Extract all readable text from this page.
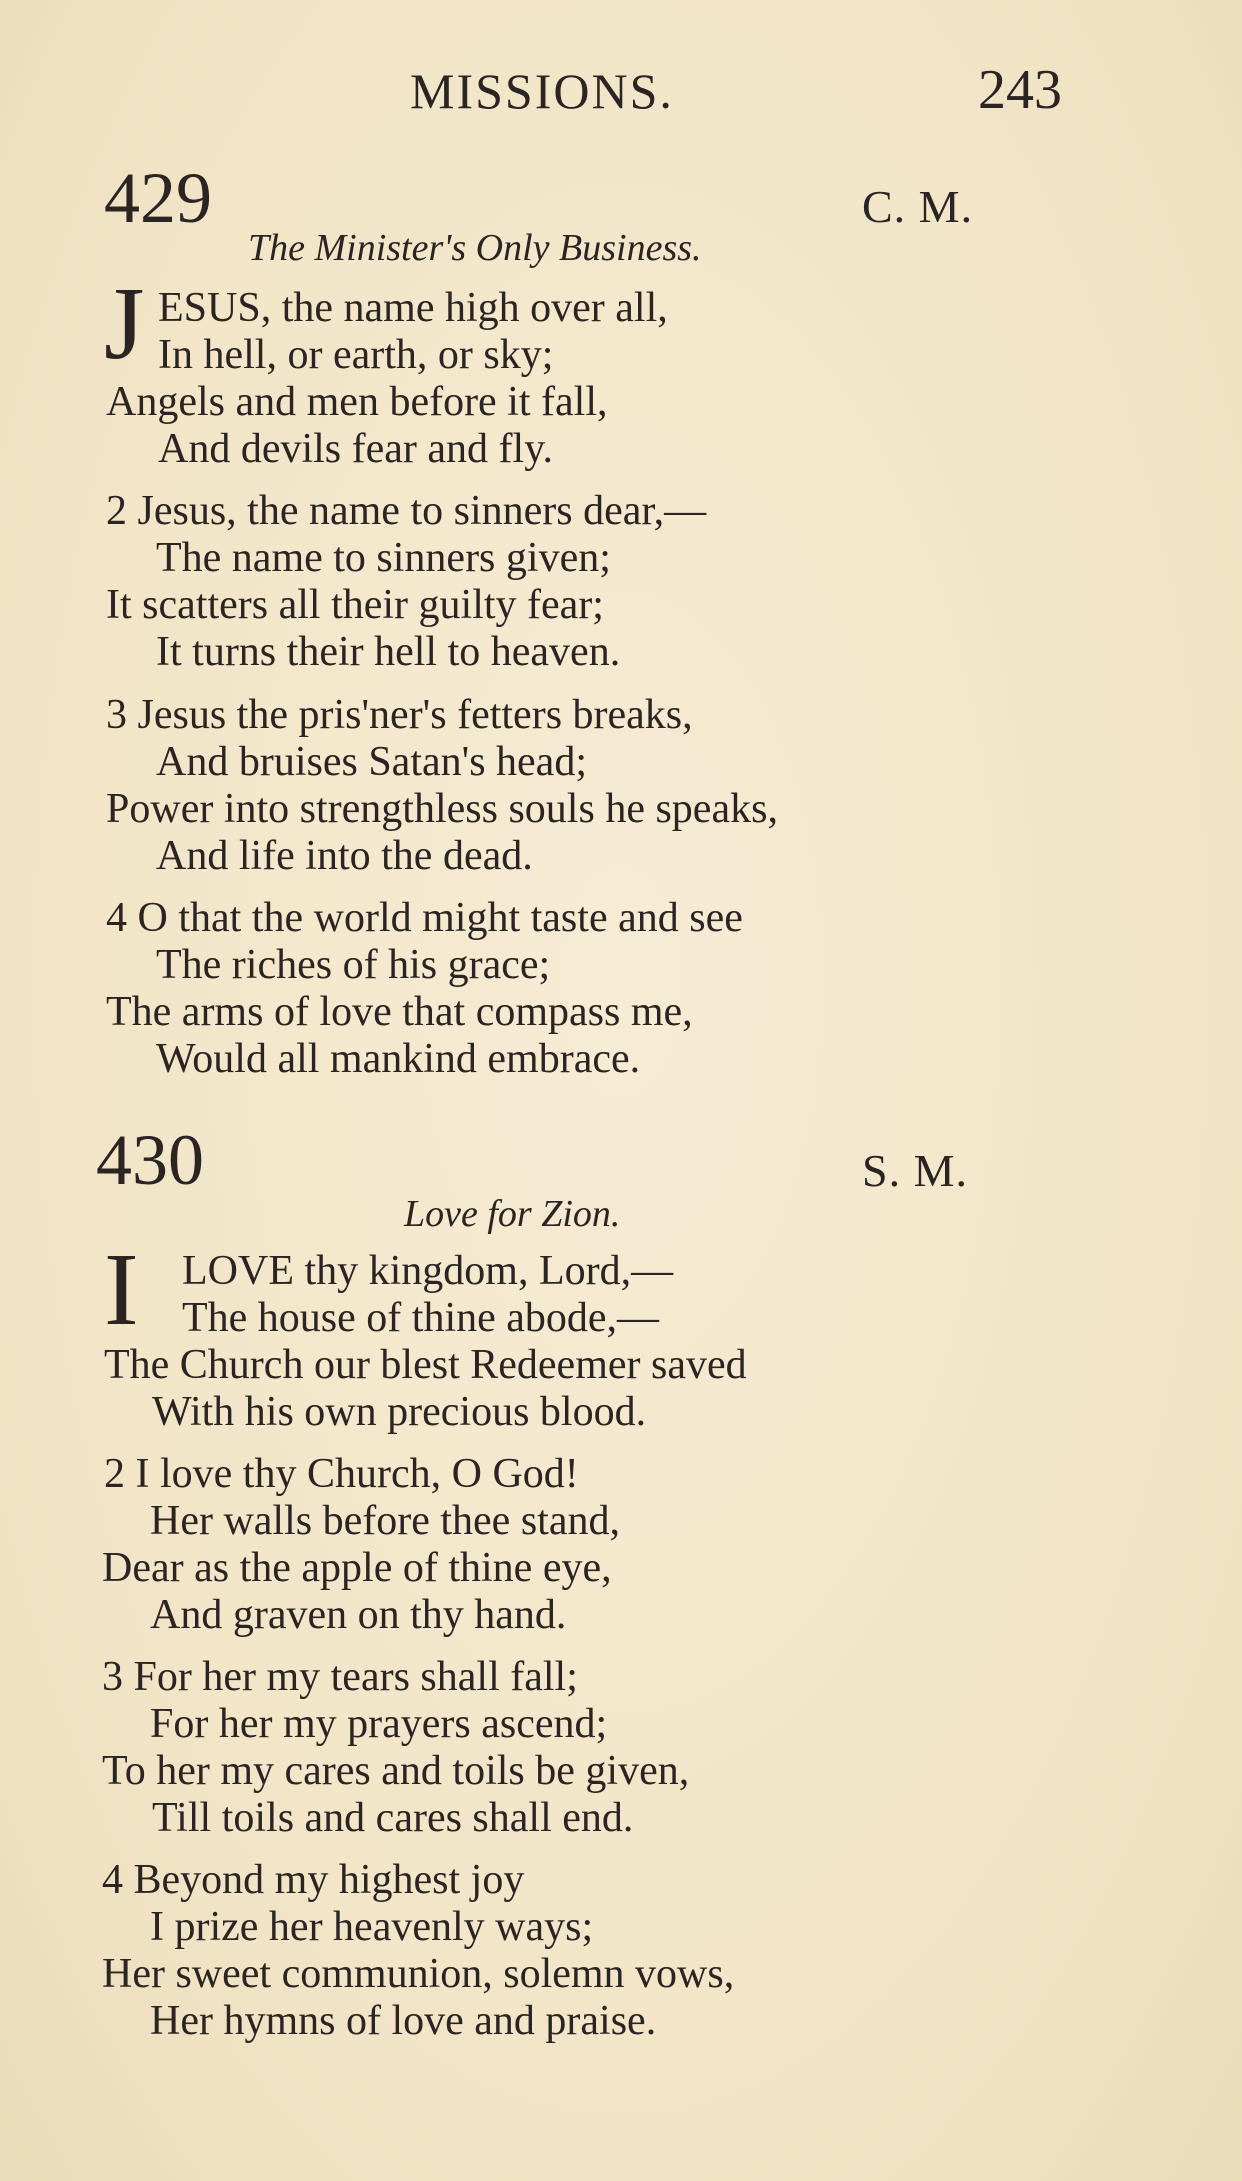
MISSIONS.	243
429	C. M.
The Minister's Only Business.
J ESUS, the name high over all,
In hell, or earth, or sky;
Angels and men before it fall,
And devils fear and fly.
2 Jesus, the name to sinners dear,—
The name to sinners given;
It scatters all their guilty fear;
It turns their hell to heaven.
3 Jesus the pris'ner's fetters breaks,
And bruises Satan's head;
Power into strengthless souls he speaks,
And life into the dead.
4 O that the world might taste and see
The riches of his grace;
The arms of love that compass me,
Would all mankind embrace.
430	S. M.
Love for Zion.
I LOVE thy kingdom, Lord,—
The house of thine abode,—
The Church our blest Redeemer saved
With his own precious blood.
2 I love thy Church, O God!
Her walls before thee stand,
Dear as the apple of thine eye,
And graven on thy hand.
3 For her my tears shall fall;
For her my prayers ascend;
To her my cares and toils be given,
Till toils and cares shall end.
4 Beyond my highest joy
I prize her heavenly ways;
Her sweet communion, solemn vows,
Her hymns of love and praise.
